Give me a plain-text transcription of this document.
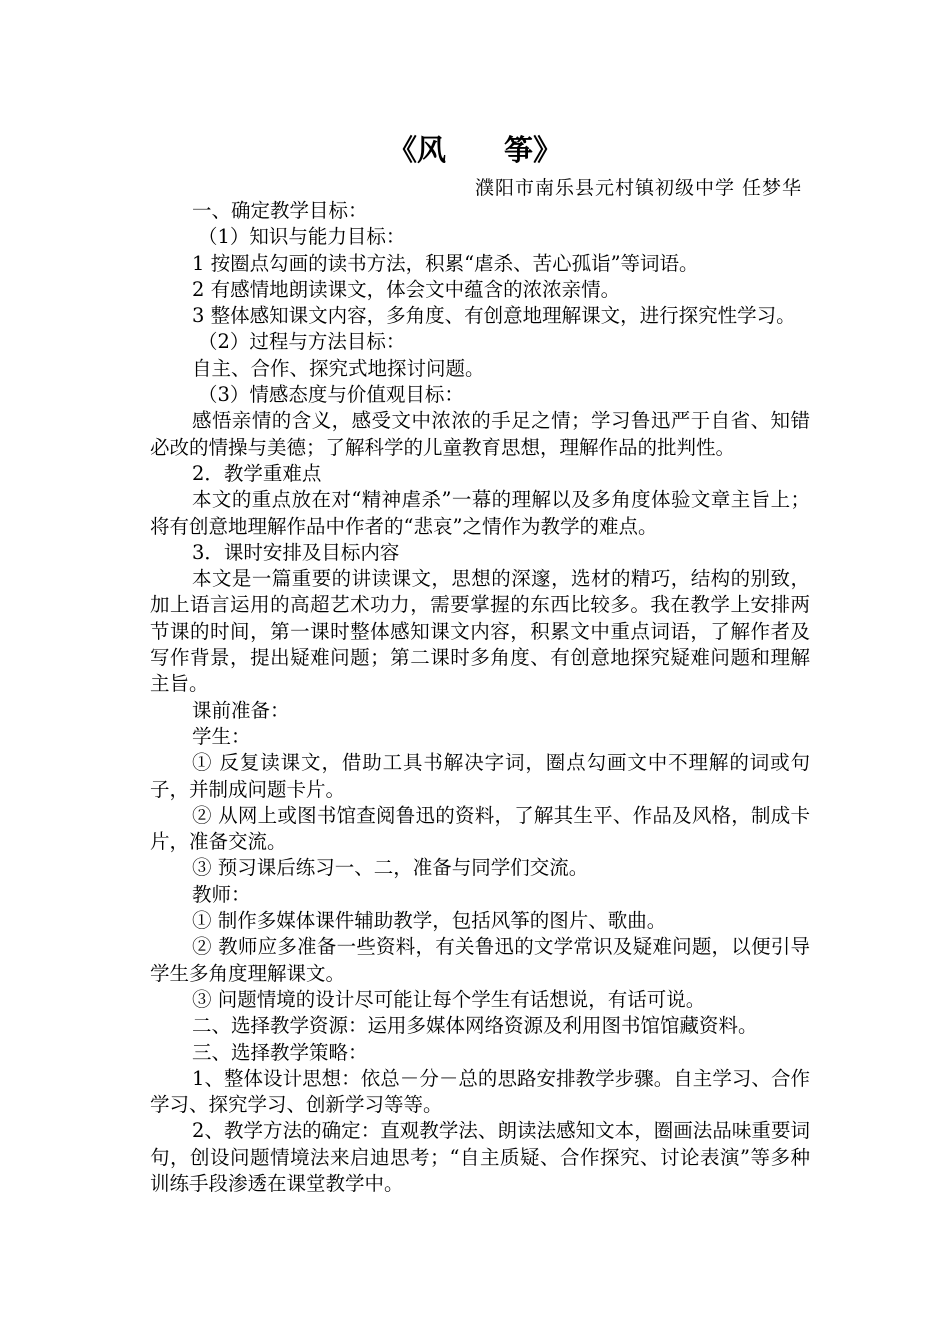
《风　　筝》
濮阳市南乐县元村镇初级中学 任梦华

一、确定教学目标：

（1）知识与能力目标：

1 按圈点勾画的读书方法，积累“虐杀、苦心孤诣”等词语。

2 有感情地朗读课文，体会文中蕴含的浓浓亲情。

3 整体感知课文内容，多角度、有创意地理解课文，进行探究性学习。

（2）过程与方法目标：

自主、合作、探究式地探讨问题。

（3）情感态度与价值观目标：

感悟亲情的含义，感受文中浓浓的手足之情；学习鲁迅严于自省、知错必改的情操与美德；了解科学的儿童教育思想，理解作品的批判性。

2．教学重难点

本文的重点放在对“精神虐杀”一幕的理解以及多角度体验文章主旨上；将有创意地理解作品中作者的“悲哀”之情作为教学的难点。

3．课时安排及目标内容

本文是一篇重要的讲读课文，思想的深邃，选材的精巧，结构的别致，加上语言运用的高超艺术功力，需要掌握的东西比较多。我在教学上安排两节课的时间，第一课时整体感知课文内容，积累文中重点词语，了解作者及写作背景，提出疑难问题；第二课时多角度、有创意地探究疑难问题和理解主旨。

课前准备：

学生：

① 反复读课文，借助工具书解决字词，圈点勾画文中不理解的词或句子，并制成问题卡片。

② 从网上或图书馆查阅鲁迅的资料，了解其生平、作品及风格，制成卡片，准备交流。

③ 预习课后练习一、二，准备与同学们交流。

教师：

① 制作多媒体课件辅助教学，包括风筝的图片、歌曲。

② 教师应多准备一些资料，有关鲁迅的文学常识及疑难问题，以便引导学生多角度理解课文。

③ 问题情境的设计尽可能让每个学生有话想说，有话可说。

二、选择教学资源：运用多媒体网络资源及利用图书馆馆藏资料。

三、选择教学策略：

1、整体设计思想：依总－分－总的思路安排教学步骤。自主学习、合作学习、探究学习、创新学习等等。

2、教学方法的确定：直观教学法、朗读法感知文本，圈画法品味重要词句，创设问题情境法来启迪思考；“自主质疑、合作探究、讨论表演”等多种训练手段渗透在课堂教学中。
